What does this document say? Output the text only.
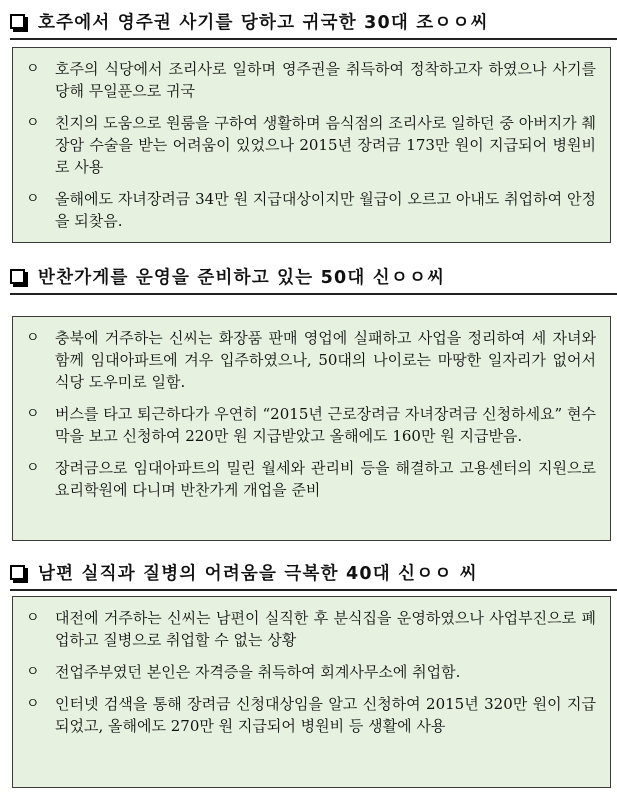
호주에서 영주권 사기를 당하고 귀국한 30대 조ㅇㅇ씨
ㅇ 호주의 식당에서 조리사로 일하며 영주권을 취득하여 정착하고자 하였으나 사기를 당해 무일푼으로 귀국
ㅇ 친지의 도움으로 원룸을 구하여 생활하며 음식점의 조리사로 일하던 중 아버지가 췌장암 수술을 받는 어려움이 있었으나 2015년 장려금 173만 원이 지급되어 병원비로 사용
ㅇ 올해에도 자녀장려금 34만 원 지급대상이지만 월급이 오르고 아내도 취업하여 안정을 되찾음.
반찬가게를 운영을 준비하고 있는 50대 신ㅇㅇ씨
ㅇ 충북에 거주하는 신씨는 화장품 판매 영업에 실패하고 사업을 정리하여 세 자녀와 함께 임대아파트에 겨우 입주하였으나, 50대의 나이로는 마땅한 일자리가 없어서 식당 도우미로 일함.
ㅇ 버스를 타고 퇴근하다가 우연히 “2015년 근로장려금 자녀장려금 신청하세요” 현수막을 보고 신청하여 220만 원 지급받았고 올해에도 160만 원 지급받음.
ㅇ 장려금으로 임대아파트의 밀린 월세와 관리비 등을 해결하고 고용센터의 지원으로 요리학원에 다니며 반찬가게 개업을 준비
남편 실직과 질병의 어려움을 극복한 40대 신ㅇㅇ 씨
ㅇ 대전에 거주하는 신씨는 남편이 실직한 후 분식집을 운영하였으나 사업부진으로 폐업하고 질병으로 취업할 수 없는 상황
ㅇ 전업주부였던 본인은 자격증을 취득하여 회계사무소에 취업함.
ㅇ 인터넷 검색을 통해 장려금 신청대상임을 알고 신청하여 2015년 320만 원이 지급되었고, 올해에도 270만 원 지급되어 병원비 등 생활에 사용
